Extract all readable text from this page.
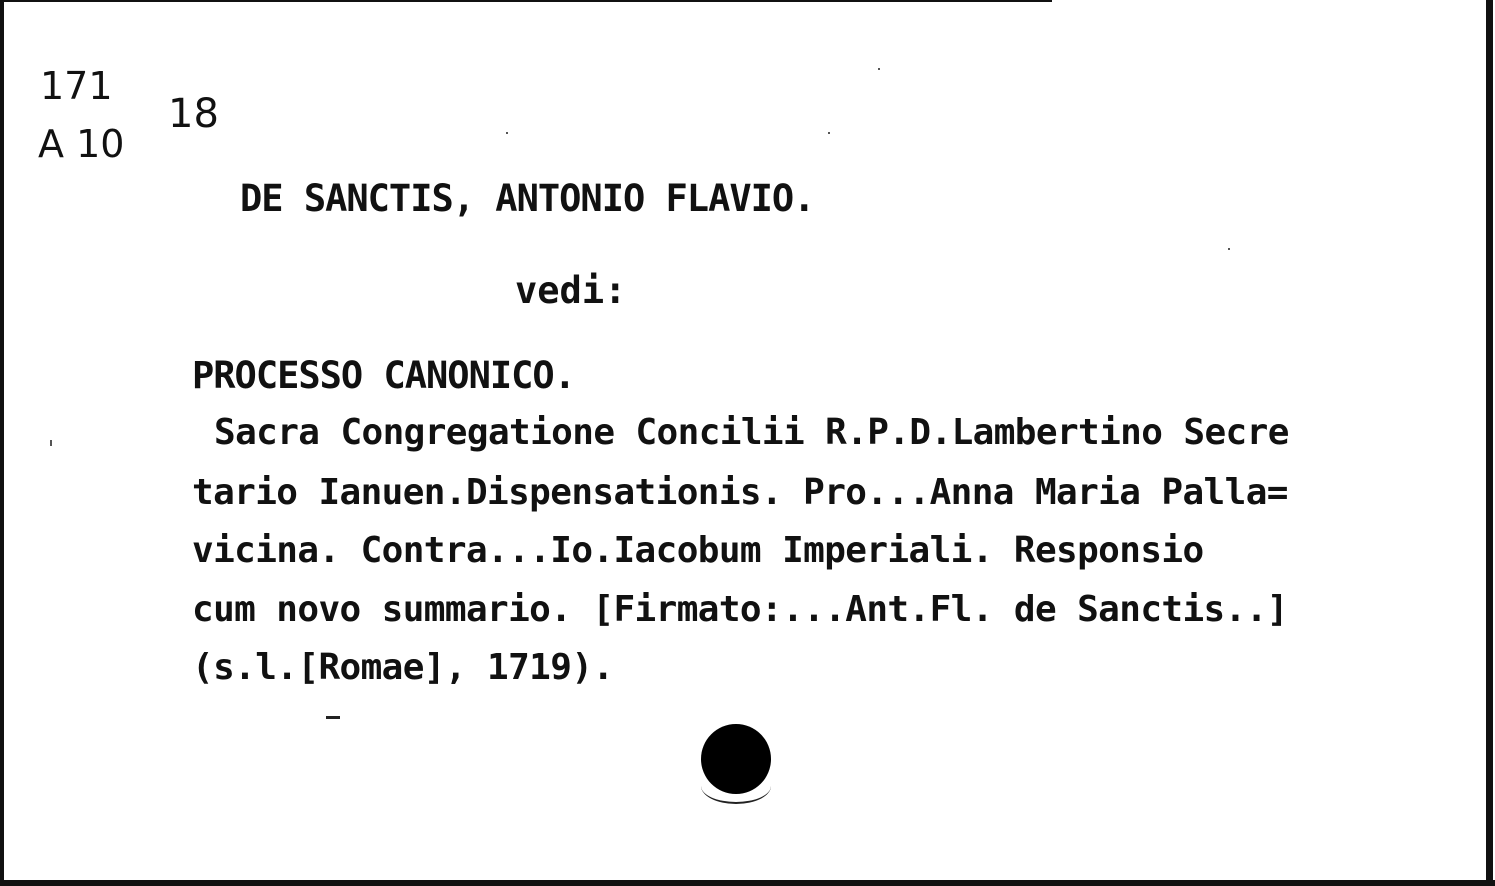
171
A 10
18
DE SANCTIS, ANTONIO FLAVIO.
vedi:
PROCESSO CANONICO.
Sacra Congregatione Concilii R.P.D.Lambertino Secre
tario Ianuen.Dispensationis. Pro...Anna Maria Palla=
vicina. Contra...Io.Iacobum Imperiali. Responsio
cum novo summario. [Firmato:...Ant.Fl. de Sanctis..]
(s.l.[Romae], 1719).
